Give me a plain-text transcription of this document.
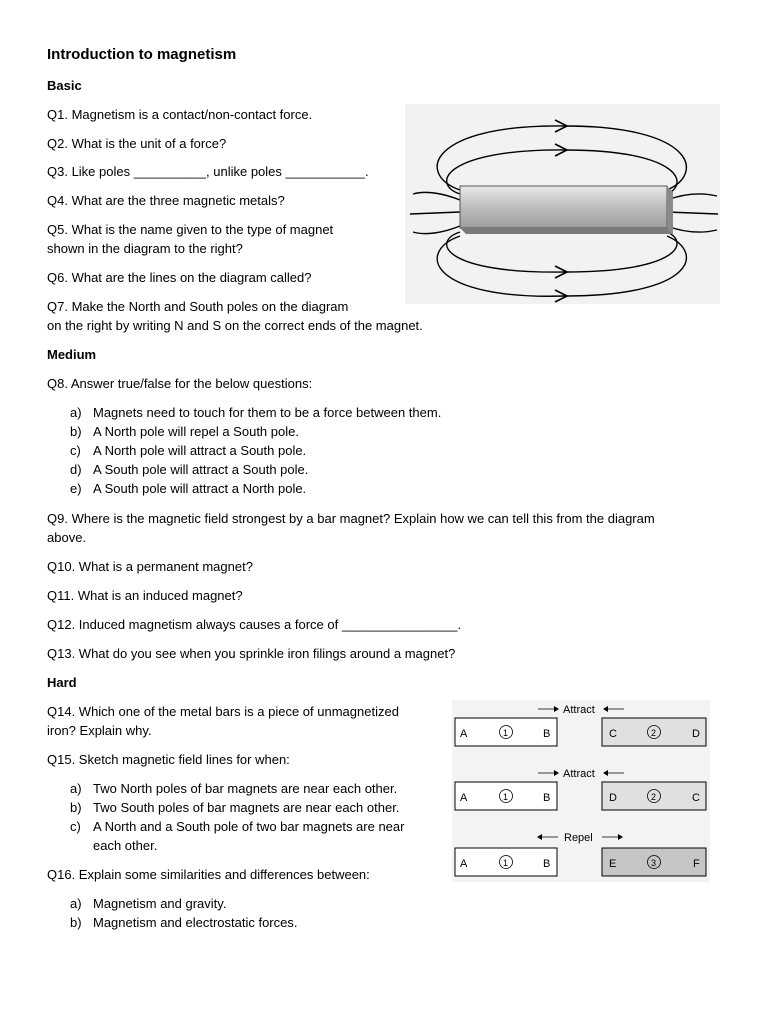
Introduction to magnetism
Basic
Q1. Magnetism is a contact/non-contact force.
Q2. What is the unit of a force?
Q3. Like poles __________, unlike poles ___________.
Q4. What are the three magnetic metals?
Q5. What is the name given to the type of magnet
shown in the diagram to the right?
Q6. What are the lines on the diagram called?
Q7. Make the North and South poles on the diagram
on the right by writing N and S on the correct ends of the magnet.
Medium
Q8. Answer true/false for the below questions:
a) Magnets need to touch for them to be a force between them.
b) A North pole will repel a South pole.
c) A North pole will attract a South pole.
d) A South pole will attract a South pole.
e) A South pole will attract a North pole.
Q9. Where is the magnetic field strongest by a bar magnet? Explain how we can tell this from the diagram
above.
Q10. What is a permanent magnet?
Q11. What is an induced magnet?
Q12. Induced magnetism always causes a force of ________________.
Q13. What do you see when you sprinkle iron filings around a magnet?
Hard
Q14. Which one of the metal bars is a piece of unmagnetized
iron? Explain why.
Q15. Sketch magnetic field lines for when:
a) Two North poles of bar magnets are near each other.
b) Two South poles of bar magnets are near each other.
c) A North and a South pole of two bar magnets are near
each other.
Q16. Explain some similarities and differences between:
a) Magnetism and gravity.
b) Magnetism and electrostatic forces.
Attract
A	1	B	C	2	D
Attract
A	1	B	D	2	C
Repel
A	1	B	E	3	F
